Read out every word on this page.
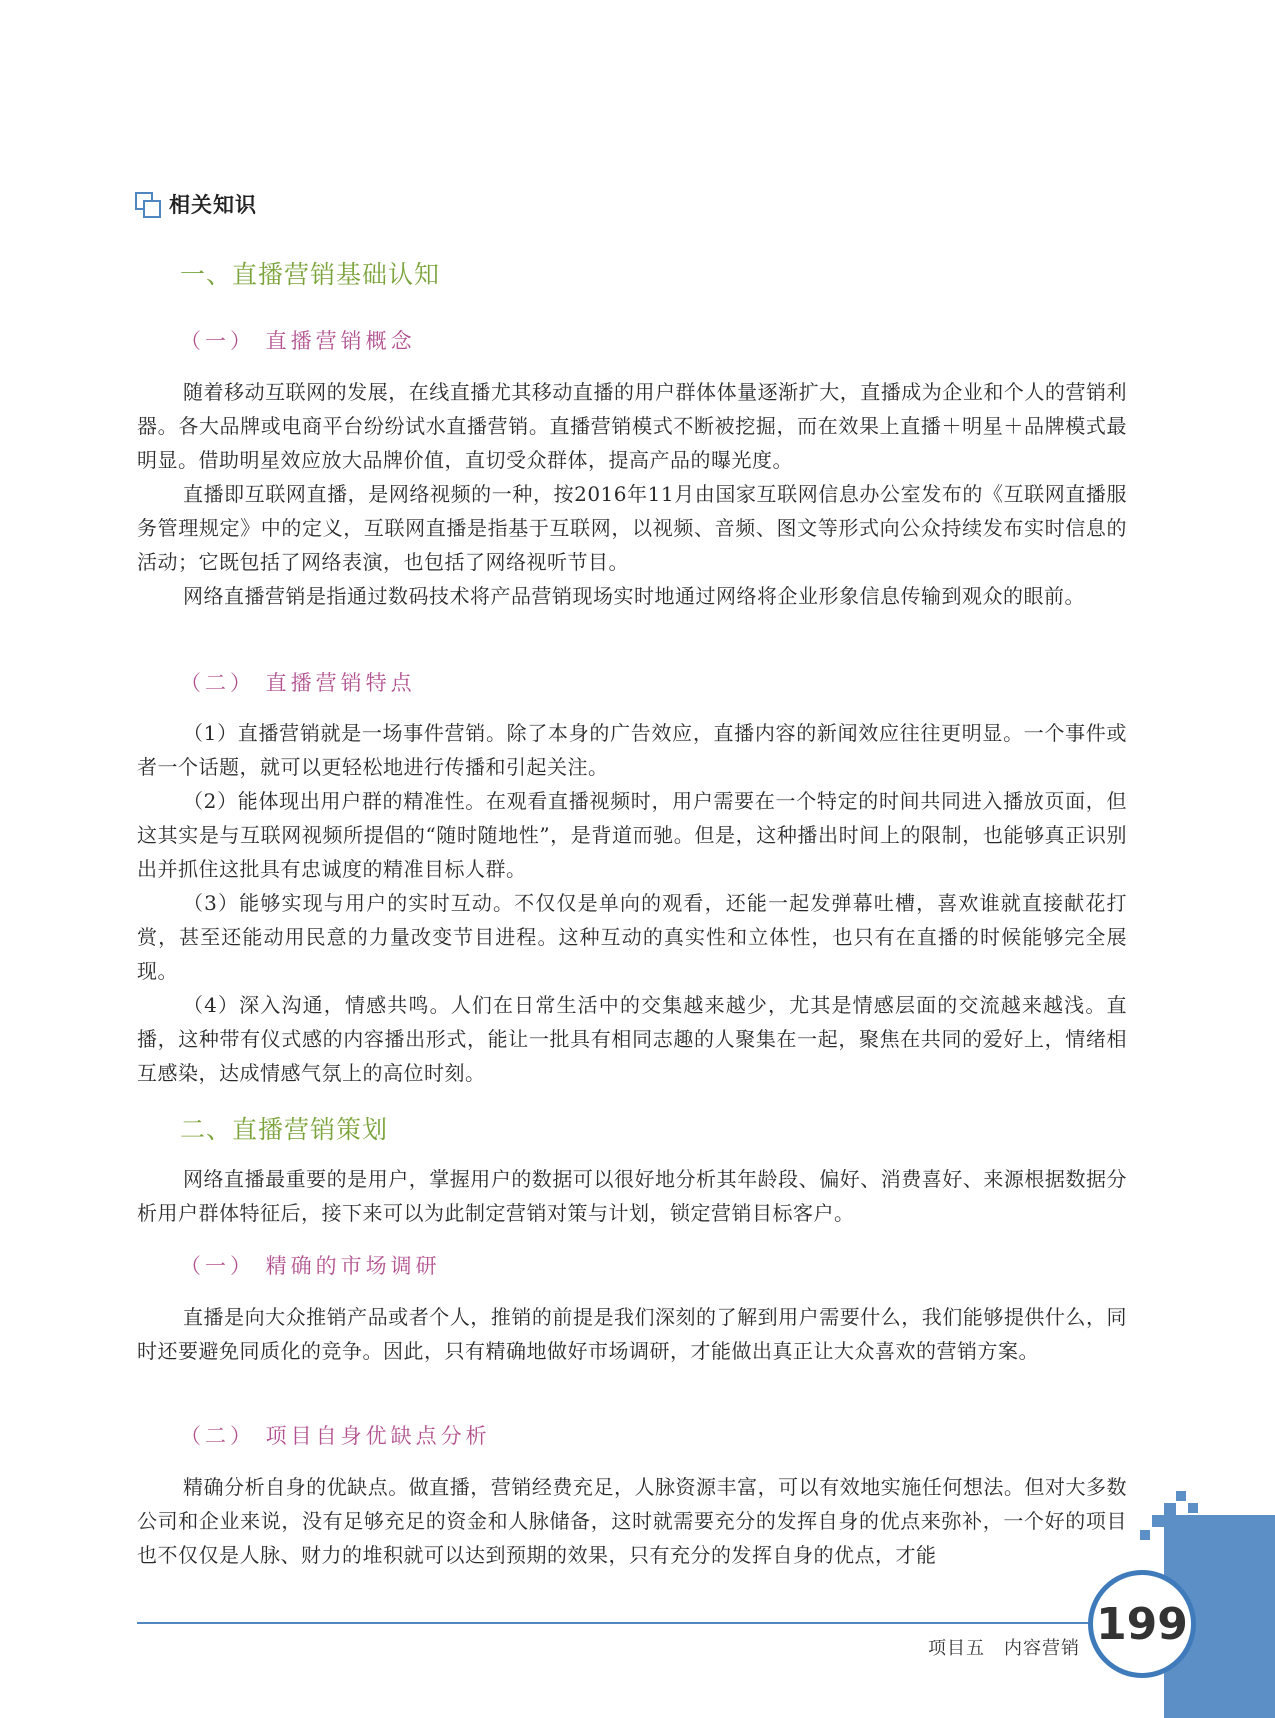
相关知识
一、直播营销基础认知
（一） 直播营销概念

随着移动互联网的发展，在线直播尤其移动直播的用户群体体量逐渐扩大，直播成为企业和个人的营销利器。各大品牌或电商平台纷纷试水直播营销。直播营销模式不断被挖掘，而在效果上直播＋明星＋品牌模式最明显。借助明星效应放大品牌价值，直切受众群体，提高产品的曝光度。

直播即互联网直播，是网络视频的一种，按2016年11月由国家互联网信息办公室发布的《互联网直播服务管理规定》中的定义，互联网直播是指基于互联网，以视频、音频、图文等形式向公众持续发布实时信息的活动；它既包括了网络表演，也包括了网络视听节目。

网络直播营销是指通过数码技术将产品营销现场实时地通过网络将企业形象信息传输到观众的眼前。

（二） 直播营销特点

（1）直播营销就是一场事件营销。除了本身的广告效应，直播内容的新闻效应往往更明显。一个事件或者一个话题，就可以更轻松地进行传播和引起关注。

（2）能体现出用户群的精准性。在观看直播视频时，用户需要在一个特定的时间共同进入播放页面，但这其实是与互联网视频所提倡的“随时随地性”，是背道而驰。但是，这种播出时间上的限制，也能够真正识别出并抓住这批具有忠诚度的精准目标人群。

（3）能够实现与用户的实时互动。不仅仅是单向的观看，还能一起发弹幕吐槽，喜欢谁就直接献花打赏，甚至还能动用民意的力量改变节目进程。这种互动的真实性和立体性，也只有在直播的时候能够完全展现。

（4）深入沟通，情感共鸣。人们在日常生活中的交集越来越少，尤其是情感层面的交流越来越浅。直播，这种带有仪式感的内容播出形式，能让一批具有相同志趣的人聚集在一起，聚焦在共同的爱好上，情绪相互感染，达成情感气氛上的高位时刻。

二、直播营销策划

网络直播最重要的是用户，掌握用户的数据可以很好地分析其年龄段、偏好、消费喜好、来源根据数据分析用户群体特征后，接下来可以为此制定营销对策与计划，锁定营销目标客户。

（一） 精确的市场调研

直播是向大众推销产品或者个人，推销的前提是我们深刻的了解到用户需要什么，我们能够提供什么，同时还要避免同质化的竞争。因此，只有精确地做好市场调研，才能做出真正让大众喜欢的营销方案。

（二） 项目自身优缺点分析

精确分析自身的优缺点。做直播，营销经费充足，人脉资源丰富，可以有效地实施任何想法。但对大多数公司和企业来说，没有足够充足的资金和人脉储备，这时就需要充分的发挥自身的优点来弥补，一个好的项目也不仅仅是人脉、财力的堆积就可以达到预期的效果，只有充分的发挥自身的优点，才能

项目五　内容营销 199
